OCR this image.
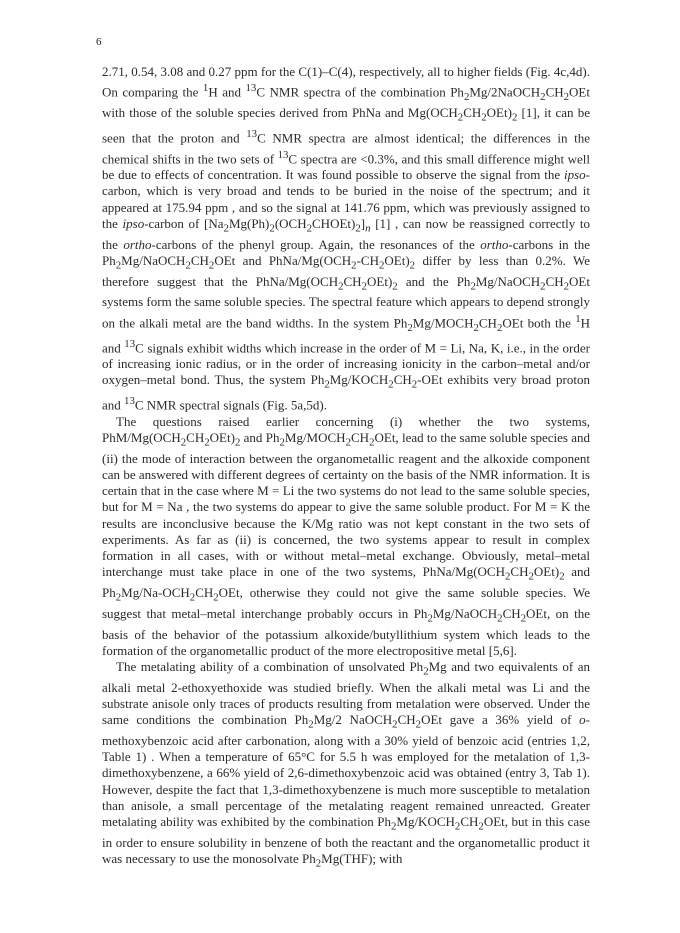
6

2.71, 0.54, 3.08 and 0.27 ppm for the C(1)–C(4), respectively, all to higher fields (Fig. 4c,4d). On comparing the $^1$H and $^{13}$C NMR spectra of the combination $Ph_2Mg/2NaOCH_2CH_2OEt$ with those of the soluble species derived from PhNa and $Mg(OCH_2CH_2OEt)_2$ [1], it can be seen that the proton and $^{13}$C NMR spectra are almost identical; the differences in the chemical shifts in the two sets of $^{13}$C spectra are <0.3%, and this small difference might well be due to effects of concentration. It was found possible to observe the signal from the ipso-carbon, which is very broad and tends to be buried in the noise of the spectrum; and it appeared at 175.94 ppm , and so the signal at 141.76 ppm, which was previously assigned to the ipso-carbon of $[Na_2Mg(Ph)_2(OCH_2CHOEt)_2]_n$ [1] , can now be reassigned correctly to the ortho-carbons of the phenyl group. Again, the resonances of the ortho-carbons in the $Ph_2Mg/NaOCH_2CH_2OEt$ and PhNa/$Mg(OCH_2-CH_2OEt)_2$ differ by less than 0.2%. We therefore suggest that the PhNa/$Mg(OCH_2CH_2OEt)_2$ and the $Ph_2Mg/NaOCH_2CH_2OEt$ systems form the same soluble species. The spectral feature which appears to depend strongly on the alkali metal are the band widths. In the system $Ph_2Mg/MOCH_2CH_2OEt$ both the $^1$H and $^{13}$C signals exhibit widths which increase in the order of M = Li, Na, K, i.e., in the order of increasing ionic radius, or in the order of increasing ionicity in the carbon–metal and/or oxygen–metal bond. Thus, the system $Ph_2Mg/KOCH_2CH_2$-OEt exhibits very broad proton and $^{13}$C NMR spectral signals (Fig. 5a,5d).

The questions raised earlier concerning (i) whether the two systems, PhM/$Mg(OCH_2CH_2OEt)_2$ and $Ph_2Mg/MOCH_2CH_2OEt$, lead to the same soluble species and (ii) the mode of interaction between the organometallic reagent and the alkoxide component can be answered with different degrees of certainty on the basis of the NMR information. It is certain that in the case where M = Li the two systems do not lead to the same soluble species, but for M = Na , the two systems do appear to give the same soluble product. For M = K the results are inconclusive because the K/Mg ratio was not kept constant in the two sets of experiments. As far as (ii) is concerned, the two systems appear to result in complex formation in all cases, with or without metal–metal exchange. Obviously, metal–metal interchange must take place in one of the two systems, PhNa/$Mg(OCH_2CH_2OEt)_2$ and $Ph_2Mg/Na-OCH_2CH_2OEt$, otherwise they could not give the same soluble species. We suggest that metal–metal interchange probably occurs in $Ph_2Mg/NaOCH_2CH_2OEt$, on the basis of the behavior of the potassium alkoxide/butyllithium system which leads to the formation of the organometallic product of the more electropositive metal [5,6].

The metalating ability of a combination of unsolvated $Ph_2Mg$ and two equivalents of an alkali metal 2-ethoxyethoxide was studied briefly. When the alkali metal was Li and the substrate anisole only traces of products resulting from metalation were observed. Under the same conditions the combination $Ph_2Mg/2$ $NaOCH_2CH_2OEt$ gave a 36% yield of o-methoxybenzoic acid after carbonation, along with a 30% yield of benzoic acid (entries 1,2, Table 1) . When a temperature of 65°C for 5.5 h was employed for the metalation of 1,3-dimethoxybenzene, a 66% yield of 2,6-dimethoxybenzoic acid was obtained (entry 3, Tab 1). However, despite the fact that 1,3-dimethoxybenzene is much more susceptible to metalation than anisole, a small percentage of the metalating reagent remained unreacted. Greater metalating ability was exhibited by the combination $Ph_2Mg/KOCH_2CH_2OEt$, but in this case in order to ensure solubility in benzene of both the reactant and the organometallic product it was necessary to use the monosolvate $Ph_2Mg(THF)$; with
